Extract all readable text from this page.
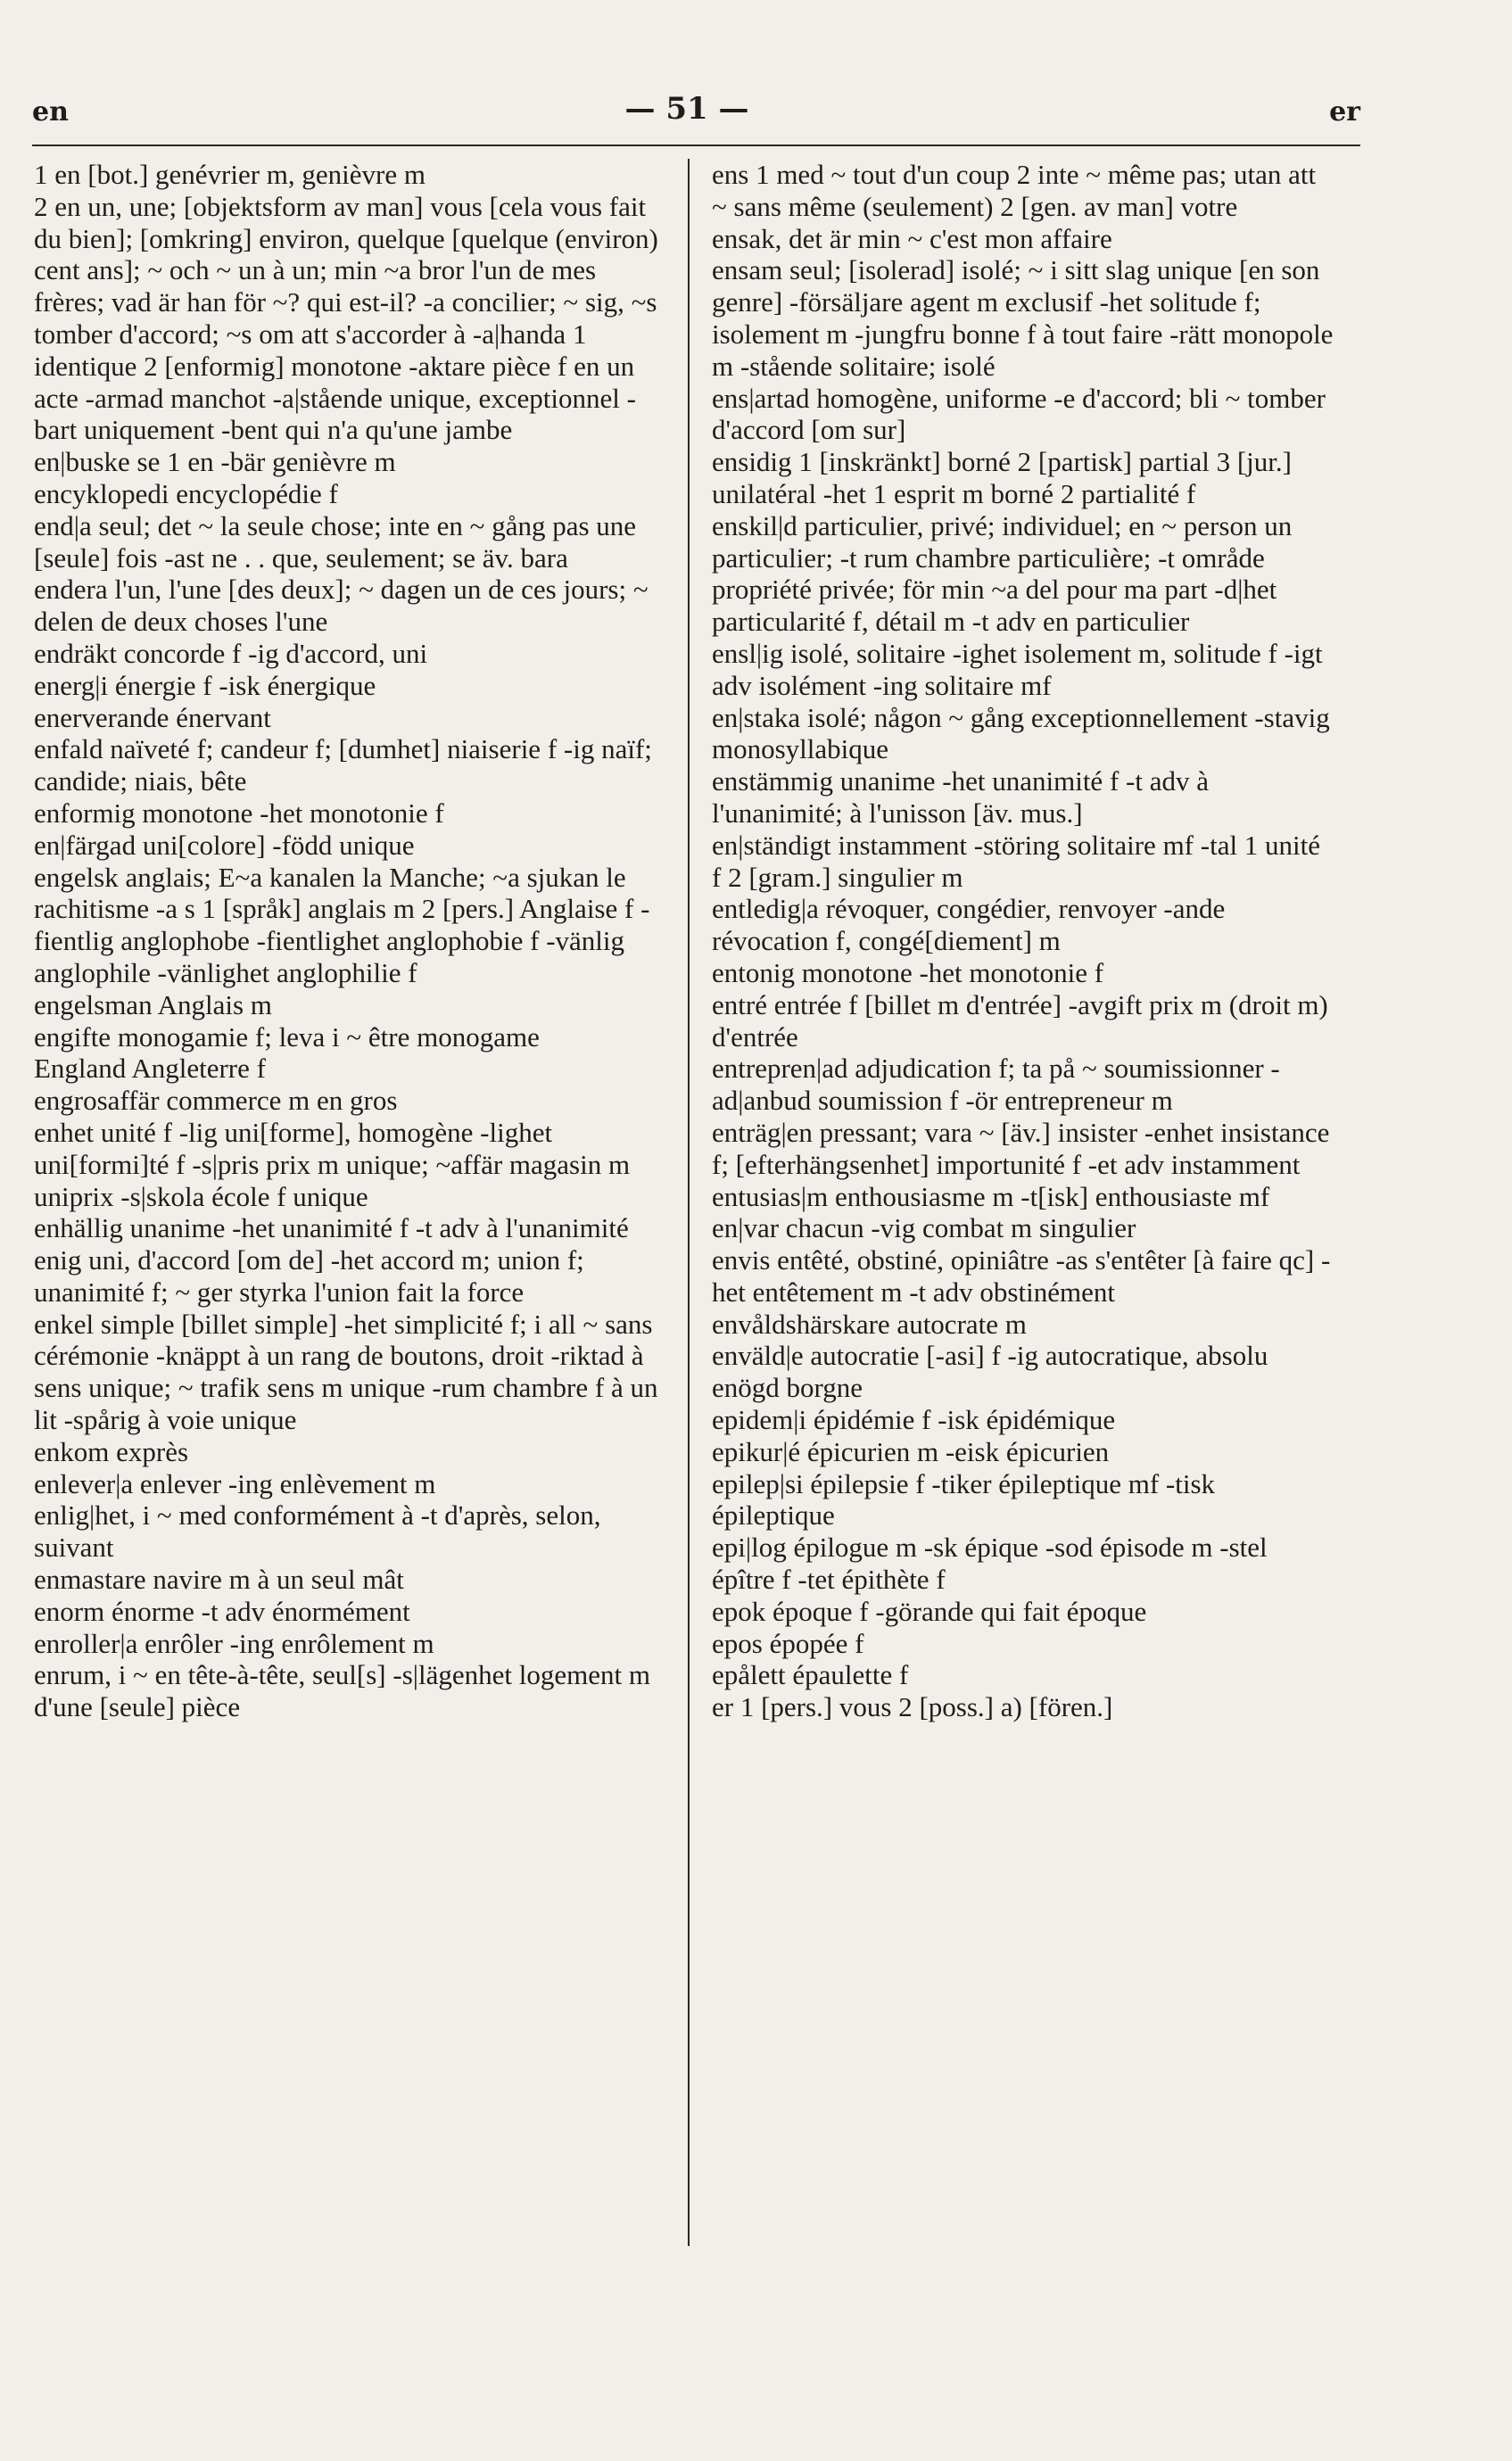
en	— 51 —	er

1 en [bot.] genévrier m, genièvre m

2 en un, une; [objektsform av man] vous [cela vous fait du bien]; [omkring] environ, quelque [quelque (environ) cent ans]; ~ och ~ un à un; min ~a bror l'un de mes frères; vad är han för ~? qui est-il? -a concilier; ~ sig, ~s tomber d'accord; ~s om att s'accorder à -a|handa 1 identique 2 [enformig] monotone -aktare pièce f en un acte -armad manchot -a|stående unique, exceptionnel -bart uniquement -bent qui n'a qu'une jambe

en|buske se 1 en -bär genièvre m

encyklopedi encyclopédie f

end|a seul; det ~ la seule chose; inte en ~ gång pas une [seule] fois -ast ne . . que, seulement; se äv. bara

endera l'un, l'une [des deux]; ~ dagen un de ces jours; ~ delen de deux choses l'une

endräkt concorde f -ig d'accord, uni

energ|i énergie f -isk énergique

enerverande énervant

enfald naïveté f; candeur f; [dumhet] niaiserie f -ig naïf; candide; niais, bête

enformig monotone -het monotonie f

en|färgad uni[colore] -född unique

engelsk anglais; E~a kanalen la Manche; ~a sjukan le rachitisme -a s 1 [språk] anglais m 2 [pers.] Anglaise f -fientlig anglophobe -fientlighet anglophobie f -vänlig anglophile -vänlighet anglophilie f

engelsman Anglais m

engifte monogamie f; leva i ~ être monogame

England Angleterre f

engrosaffär commerce m en gros

enhet unité f -lig uni[forme], homogène -lighet uni[formi]té f -s|pris prix m unique; ~affär magasin m uniprix -s|skola école f unique

enhällig unanime -het unanimité f -t adv à l'unanimité

enig uni, d'accord [om de] -het accord m; union f; unanimité f; ~ ger styrka l'union fait la force

enkel simple [billet simple] -het simplicité f; i all ~ sans cérémonie -knäppt à un rang de boutons, droit -riktad à sens unique; ~ trafik sens m unique -rum chambre f à un lit -spårig à voie unique

enkom exprès

enlever|a enlever -ing enlèvement m

enlig|het, i ~ med conformément à -t d'après, selon, suivant

enmastare navire m à un seul mât

enorm énorme -t adv énormément

enroller|a enrôler -ing enrôlement m

enrum, i ~ en tête-à-tête, seul[s] -s|lägenhet logement m d'une [seule] pièce

ens 1 med ~ tout d'un coup 2 inte ~ même pas; utan att ~ sans même (seulement) 2 [gen. av man] votre

ensak, det är min ~ c'est mon affaire

ensam seul; [isolerad] isolé; ~ i sitt slag unique [en son genre] -försäljare agent m exclusif -het solitude f; isolement m -jungfru bonne f à tout faire -rätt monopole m -stående solitaire; isolé

ens|artad homogène, uniforme -e d'accord; bli ~ tomber d'accord [om sur]

ensidig 1 [inskränkt] borné 2 [partisk] partial 3 [jur.] unilatéral -het 1 esprit m borné 2 partialité f

enskil|d particulier, privé; individuel; en ~ person un particulier; -t rum chambre particulière; -t område propriété privée; för min ~a del pour ma part -d|het particularité f, détail m -t adv en particulier

ensl|ig isolé, solitaire -ighet isolement m, solitude f -igt adv isolément -ing solitaire mf

en|staka isolé; någon ~ gång exceptionnellement -stavig monosyllabique

enstämmig unanime -het unanimité f -t adv à l'unanimité; à l'unisson [äv. mus.]

en|ständigt instamment -störing solitaire mf -tal 1 unité f 2 [gram.] singulier m

entledig|a révoquer, congédier, renvoyer -ande révocation f, congé[diement] m

entonig monotone -het monotonie f

entré entrée f [billet m d'entrée] -avgift prix m (droit m) d'entrée

entrepren|ad adjudication f; ta på ~ soumissionner -ad|anbud soumission f -ör entrepreneur m

enträg|en pressant; vara ~ [äv.] insister -enhet insistance f; [efterhängsenhet] importunité f -et adv instamment

entusias|m enthousiasme m -t[isk] enthousiaste mf

en|var chacun -vig combat m singulier

envis entêté, obstiné, opiniâtre -as s'entêter [à faire qc] -het entêtement m -t adv obstinément

envåldshärskare autocrate m

enväld|e autocratie [-asi] f -ig autocratique, absolu

enögd borgne

epidem|i épidémie f -isk épidémique

epikur|é épicurien m -eisk épicurien

epilep|si épilepsie f -tiker épileptique mf -tisk épileptique

epi|log épilogue m -sk épique -sod épisode m -stel épître f -tet épithète f

epok époque f -görande qui fait époque

epos épopée f

epålett épaulette f

er 1 [pers.] vous 2 [poss.] a) [fören.]
